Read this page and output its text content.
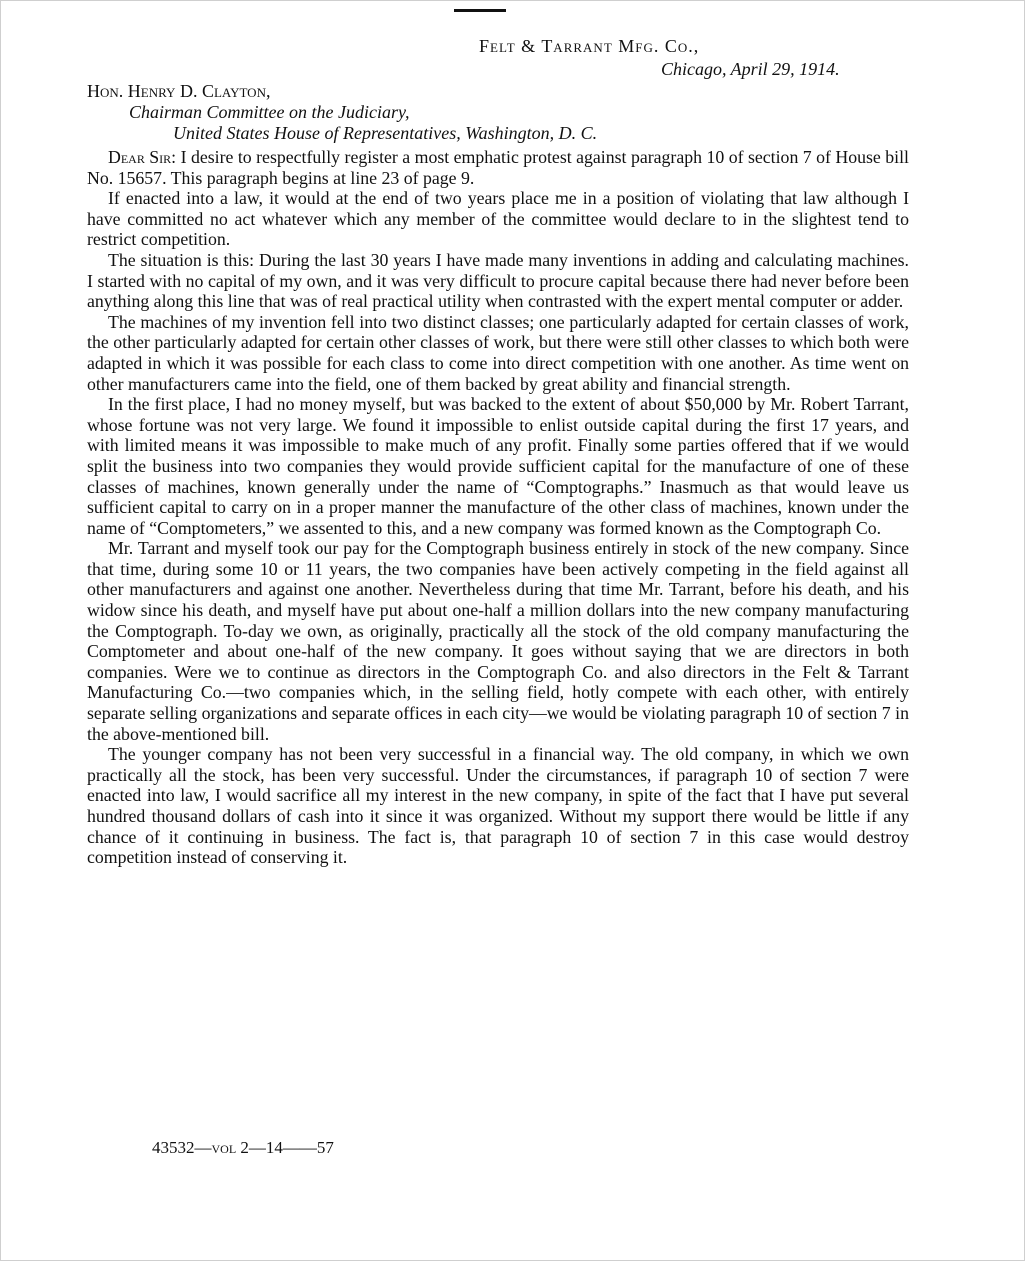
Felt & Tarrant Mfg. Co.,
Chicago, April 29, 1914.
Hon. Henry D. Clayton,
Chairman Committee on the Judiciary,
United States House of Representatives, Washington, D. C.

Dear Sir: I desire to respectfully register a most emphatic protest against paragraph 10 of section 7 of House bill No. 15657. This paragraph begins at line 23 of page 9.

If enacted into a law, it would at the end of two years place me in a position of violating that law although I have committed no act whatever which any member of the committee would declare to in the slightest tend to restrict competition.

The situation is this: During the last 30 years I have made many inventions in adding and calculating machines. I started with no capital of my own, and it was very difficult to procure capital because there had never before been anything along this line that was of real practical utility when contrasted with the expert mental computer or adder.

The machines of my invention fell into two distinct classes; one particularly adapted for certain classes of work, the other particularly adapted for certain other classes of work, but there were still other classes to which both were adapted in which it was possible for each class to come into direct competition with one another. As time went on other manufacturers came into the field, one of them backed by great ability and financial strength.

In the first place, I had no money myself, but was backed to the extent of about $50,000 by Mr. Robert Tarrant, whose fortune was not very large. We found it impossible to enlist outside capital during the first 17 years, and with limited means it was impossible to make much of any profit. Finally some parties offered that if we would split the business into two companies they would provide sufficient capital for the manufacture of one of these classes of machines, known generally under the name of “Comptographs.” Inasmuch as that would leave us sufficient capital to carry on in a proper manner the manufacture of the other class of machines, known under the name of “Comptometers,” we assented to this, and a new company was formed known as the Comptograph Co.

Mr. Tarrant and myself took our pay for the Comptograph business entirely in stock of the new company. Since that time, during some 10 or 11 years, the two companies have been actively competing in the field against all other manufacturers and against one another. Nevertheless during that time Mr. Tarrant, before his death, and his widow since his death, and myself have put about one-half a million dollars into the new company manufacturing the Comptograph. To-day we own, as originally, practically all the stock of the old company manufacturing the Comptometer and about one-half of the new company. It goes without saying that we are directors in both companies. Were we to continue as directors in the Comptograph Co. and also directors in the Felt & Tarrant Manufacturing Co.—two companies which, in the selling field, hotly compete with each other, with entirely separate selling organizations and separate offices in each city—we would be violating paragraph 10 of section 7 in the above-mentioned bill.

The younger company has not been very successful in a financial way. The old company, in which we own practically all the stock, has been very successful. Under the circumstances, if paragraph 10 of section 7 were enacted into law, I would sacrifice all my interest in the new company, in spite of the fact that I have put several hundred thousand dollars of cash into it since it was organized. Without my support there would be little if any chance of it continuing in business. The fact is, that paragraph 10 of section 7 in this case would destroy competition instead of conserving it.

43532—vol 2—14——57
